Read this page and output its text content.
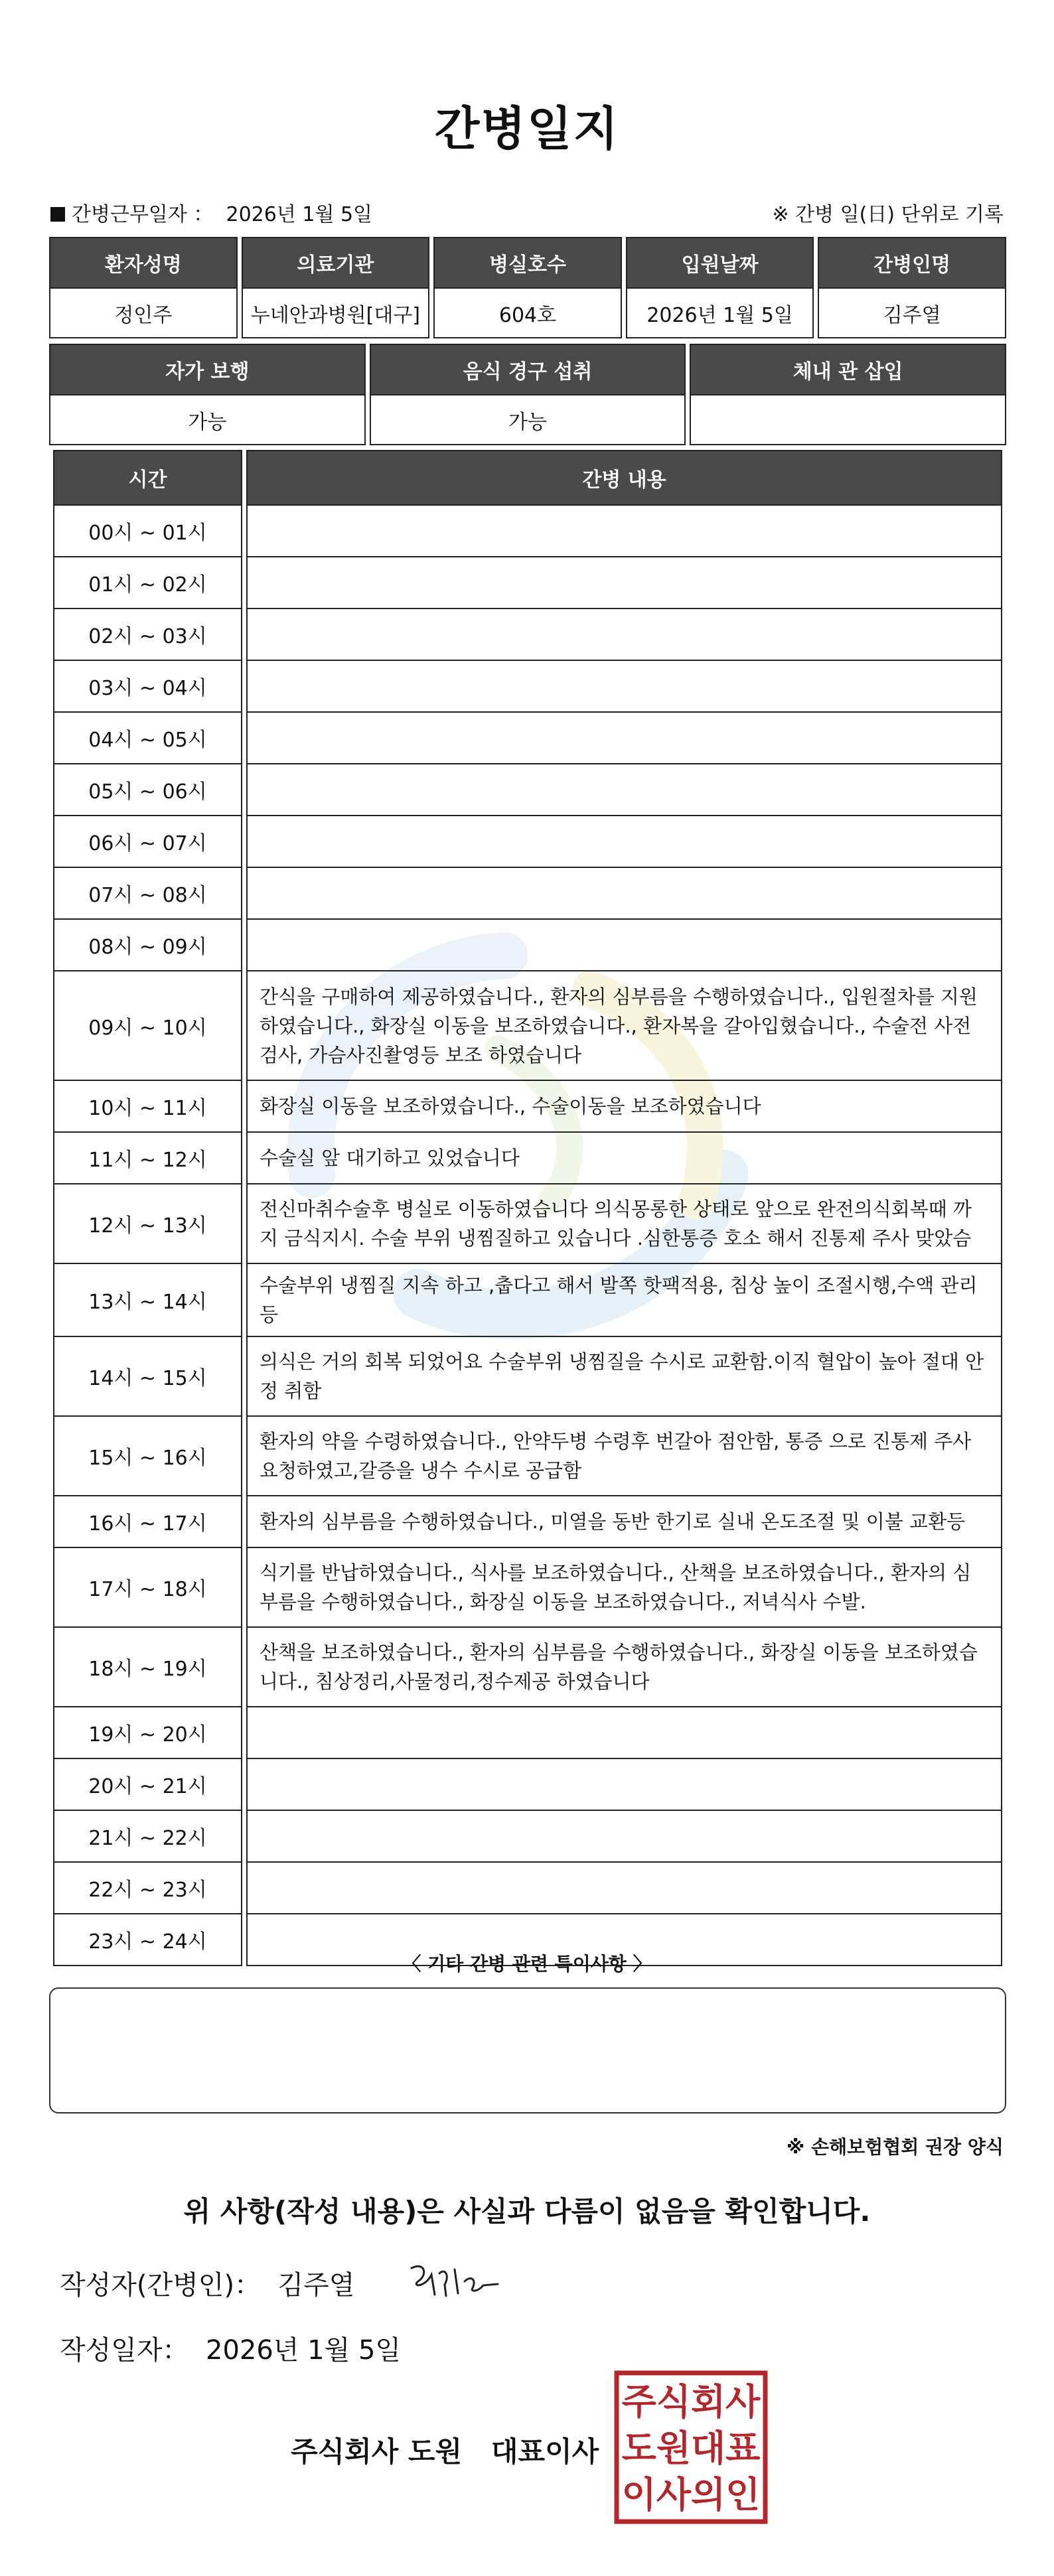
간병일지
간병근무일자 ： 2026년 1월 5일	※ 간병 일(日) 단위로 기록
환자성명	의료기관	병실호수	입원날짜	간병인명
정인주	누네안과병원[대구]	604호	2026년 1월 5일	김주열
자가 보행	음식 경구 섭취	체내 관 삽입
가능	가능	
시간	간병 내용
00시 ~ 01시	
01시 ~ 02시	
02시 ~ 03시	
03시 ~ 04시	
04시 ~ 05시	
05시 ~ 06시	
06시 ~ 07시	
07시 ~ 08시	
08시 ~ 09시	
09시 ~ 10시	간식을 구매하여 제공하였습니다., 환자의 심부름을 수행하였습니다., 입원절차를 지원하였습니다., 화장실 이동을 보조하였습니다., 환자복을 갈아입혔습니다., 수술전 사전검사, 가슴사진촬영등 보조 하였습니다
10시 ~ 11시	화장실 이동을 보조하였습니다., 수술이동을 보조하였습니다
11시 ~ 12시	수술실 앞 대기하고 있었습니다
12시 ~ 13시	전신마취수술후 병실로 이동하였습니다 의식몽롱한 상태로 앞으로 완전의식회복때 까지 금식지시. 수술 부위 냉찜질하고 있습니다 .심한통증 호소 해서 진통제 주사 맞았슴
13시 ~ 14시	수술부위 냉찜질 지속 하고 ,춥다고 해서 발쪽 핫팩적용, 침상 높이 조절시행,수액 관리 등
14시 ~ 15시	의식은 거의 회복 되었어요 수술부위 냉찜질을 수시로 교환함.이직 혈압이 높아 절대 안정 취함
15시 ~ 16시	환자의 약을 수령하였습니다., 안약두병 수령후 번갈아 점안함, 통증 으로 진통제 주사요청하였고,갈증을 냉수 수시로 공급함
16시 ~ 17시	환자의 심부름을 수행하였습니다., 미열을 동반 한기로 실내 온도조절 및 이불 교환등
17시 ~ 18시	식기를 반납하였습니다., 식사를 보조하였습니다., 산책을 보조하였습니다., 환자의 심부름을 수행하였습니다., 화장실 이동을 보조하였습니다., 저녁식사 수발.
18시 ~ 19시	산책을 보조하였습니다., 환자의 심부름을 수행하였습니다., 화장실 이동을 보조하였습니다., 침상정리,사물정리,정수제공 하였습니다
19시 ~ 20시	
20시 ~ 21시	
21시 ~ 22시	
22시 ~ 23시	
23시 ~ 24시	
〈 기타 간병 관련 특이사항 〉
※ 손해보험협회 권장 양식
위 사항(작성 내용)은 사실과 다름이 없음을 확인합니다.
작성자(간병인)： 김주열
작성일자： 2026년 1월 5일
주식회사 도원   대표이사
주식회사
도원대표
이사의인
